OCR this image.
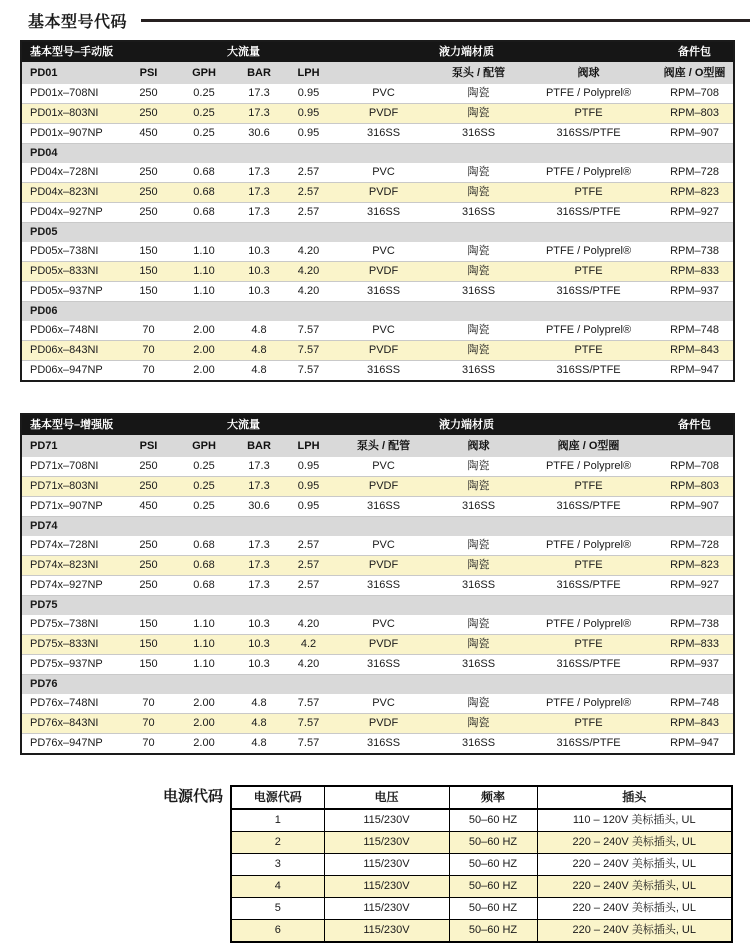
基本型号代码
基本型号–手动版		大流量			液力端材质			备件包
PD01	PSI	GPH	BAR	LPH		泵头 / 配管	阀球	阀座 / O型圈
PD01x–708NI	250	0.25	17.3	0.95	PVC	陶瓷	PTFE / Polyprel®	RPM–708
PD01x–803NI	250	0.25	17.3	0.95	PVDF	陶瓷	PTFE	RPM–803
PD01x–907NP	450	0.25	30.6	0.95	316SS	316SS	316SS/PTFE	RPM–907
PD04								
PD04x–728NI	250	0.68	17.3	2.57	PVC	陶瓷	PTFE / Polyprel®	RPM–728
PD04x–823NI	250	0.68	17.3	2.57	PVDF	陶瓷	PTFE	RPM–823
PD04x–927NP	250	0.68	17.3	2.57	316SS	316SS	316SS/PTFE	RPM–927
PD05								
PD05x–738NI	150	1.10	10.3	4.20	PVC	陶瓷	PTFE / Polyprel®	RPM–738
PD05x–833NI	150	1.10	10.3	4.20	PVDF	陶瓷	PTFE	RPM–833
PD05x–937NP	150	1.10	10.3	4.20	316SS	316SS	316SS/PTFE	RPM–937
PD06								
PD06x–748NI	70	2.00	4.8	7.57	PVC	陶瓷	PTFE / Polyprel®	RPM–748
PD06x–843NI	70	2.00	4.8	7.57	PVDF	陶瓷	PTFE	RPM–843
PD06x–947NP	70	2.00	4.8	7.57	316SS	316SS	316SS/PTFE	RPM–947
基本型号–增强版		大流量			液力端材质			备件包
PD71	PSI	GPH	BAR	LPH	泵头 / 配管	阀球	阀座 / O型圈	
PD71x–708NI	250	0.25	17.3	0.95	PVC	陶瓷	PTFE / Polyprel®	RPM–708
PD71x–803NI	250	0.25	17.3	0.95	PVDF	陶瓷	PTFE	RPM–803
PD71x–907NP	450	0.25	30.6	0.95	316SS	316SS	316SS/PTFE	RPM–907
PD74								
PD74x–728NI	250	0.68	17.3	2.57	PVC	陶瓷	PTFE / Polyprel®	RPM–728
PD74x–823NI	250	0.68	17.3	2.57	PVDF	陶瓷	PTFE	RPM–823
PD74x–927NP	250	0.68	17.3	2.57	316SS	316SS	316SS/PTFE	RPM–927
PD75								
PD75x–738NI	150	1.10	10.3	4.20	PVC	陶瓷	PTFE / Polyprel®	RPM–738
PD75x–833NI	150	1.10	10.3	4.2	PVDF	陶瓷	PTFE	RPM–833
PD75x–937NP	150	1.10	10.3	4.20	316SS	316SS	316SS/PTFE	RPM–937
PD76								
PD76x–748NI	70	2.00	4.8	7.57	PVC	陶瓷	PTFE / Polyprel®	RPM–748
PD76x–843NI	70	2.00	4.8	7.57	PVDF	陶瓷	PTFE	RPM–843
PD76x–947NP	70	2.00	4.8	7.57	316SS	316SS	316SS/PTFE	RPM–947
电源代码	电源代码	电压	频率	插头
1	115/230V	50–60 HZ	110 – 120V 美标插头, UL
2	115/230V	50–60 HZ	220 – 240V 美标插头, UL
3	115/230V	50–60 HZ	220 – 240V 美标插头, UL
4	115/230V	50–60 HZ	220 – 240V 美标插头, UL
5	115/230V	50–60 HZ	220 – 240V 美标插头, UL
6	115/230V	50–60 HZ	220 – 240V 美标插头, UL
